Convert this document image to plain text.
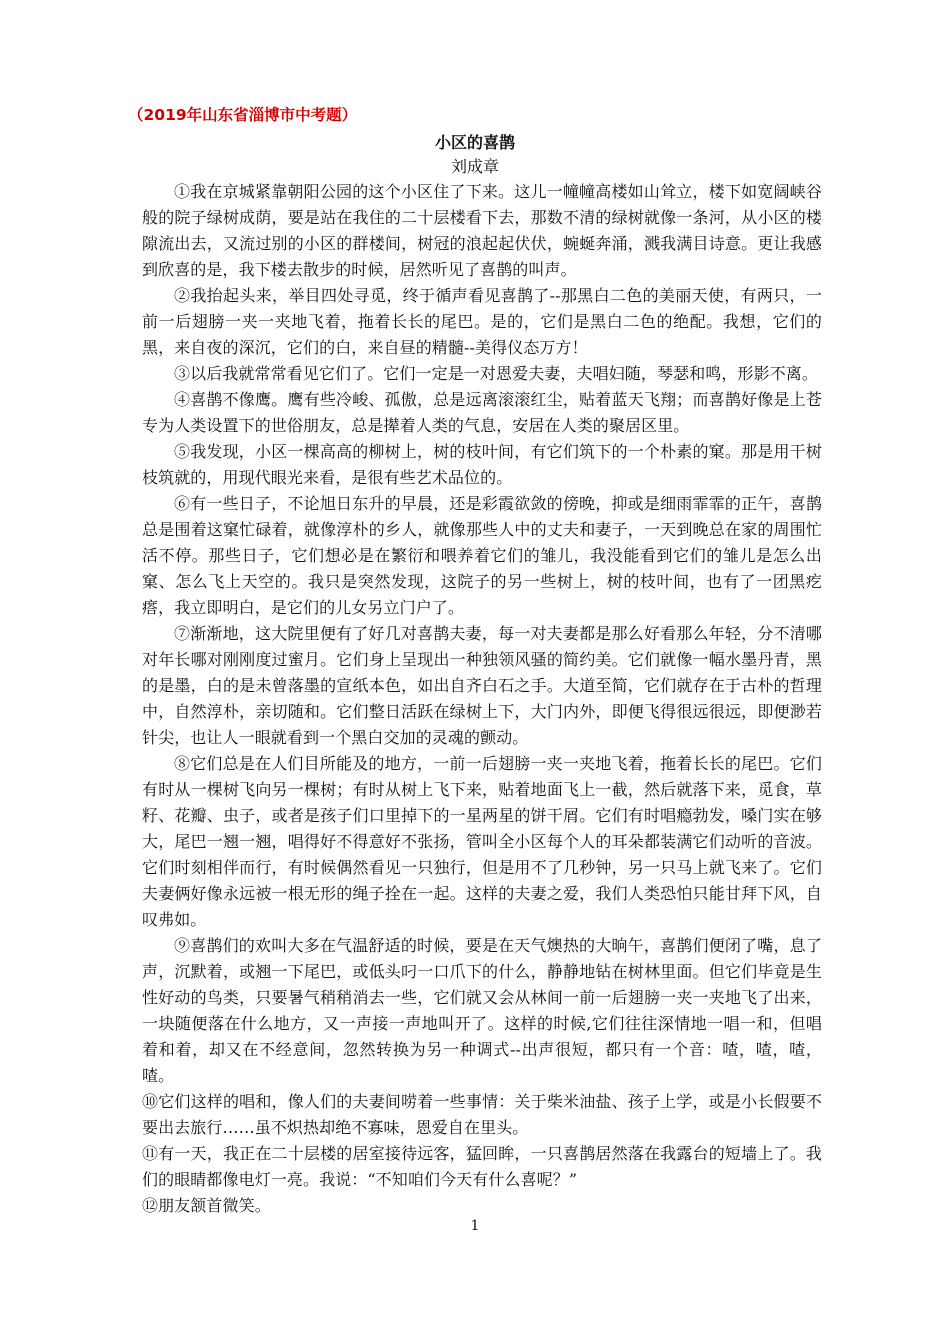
（2019年山东省淄博市中考题）
小区的喜鹊
刘成章

①我在京城紧靠朝阳公园的这个小区住了下来。这儿一幢幢高楼如山耸立，楼下如宽阔峡谷般的院子绿树成荫，要是站在我住的二十层楼看下去，那数不清的绿树就像一条河，从小区的楼隙流出去，又流过别的小区的群楼间，树冠的浪起起伏伏，蜿蜒奔涌，溅我满目诗意。更让我感到欣喜的是，我下楼去散步的时候，居然听见了喜鹊的叫声。

②我抬起头来，举目四处寻觅，终于循声看见喜鹊了--那黑白二色的美丽天使，有两只，一前一后翅膀一夹一夹地飞着，拖着长长的尾巴。是的，它们是黑白二色的绝配。我想，它们的黑，来自夜的深沉，它们的白，来自昼的精髓--美得仪态万方！

③以后我就常常看见它们了。它们一定是一对恩爱夫妻，夫唱妇随，琴瑟和鸣，形影不离。

④喜鹊不像鹰。鹰有些冷峻、孤傲，总是远离滚滚红尘，贴着蓝天飞翔；而喜鹊好像是上苍专为人类设置下的世俗朋友，总是撵着人类的气息，安居在人类的聚居区里。

⑤我发现，小区一棵高高的柳树上，树的枝叶间，有它们筑下的一个朴素的窠。那是用干树枝筑就的，用现代眼光来看，是很有些艺术品位的。

⑥有一些日子，不论旭日东升的早晨，还是彩霞欲敛的傍晚，抑或是细雨霏霏的正午，喜鹊总是围着这窠忙碌着，就像淳朴的乡人，就像那些人中的丈夫和妻子，一天到晚总在家的周围忙活不停。那些日子，它们想必是在繁衍和喂养着它们的雏儿，我没能看到它们的雏儿是怎么出窠、怎么飞上天空的。我只是突然发现，这院子的另一些树上，树的枝叶间，也有了一团黑疙瘩，我立即明白，是它们的儿女另立门户了。

⑦渐渐地，这大院里便有了好几对喜鹊夫妻，每一对夫妻都是那么好看那么年轻，分不清哪对年长哪对刚刚度过蜜月。它们身上呈现出一种独领风骚的简约美。它们就像一幅水墨丹青，黑的是墨，白的是未曾落墨的宣纸本色，如出自齐白石之手。大道至简，它们就存在于古朴的哲理中，自然淳朴，亲切随和。它们整日活跃在绿树上下，大门内外，即便飞得很远很远，即便渺若针尖，也让人一眼就看到一个黑白交加的灵魂的颤动。

⑧它们总是在人们目所能及的地方，一前一后翅膀一夹一夹地飞着，拖着长长的尾巴。它们有时从一棵树飞向另一棵树；有时从树上飞下来，贴着地面飞上一截，然后就落下来，觅食，草籽、花瓣、虫子，或者是孩子们口里掉下的一星两星的饼干屑。它们有时唱瘾勃发，嗓门实在够大，尾巴一翘一翘，唱得好不得意好不张扬，管叫全小区每个人的耳朵都装满它们动听的音波。它们时刻相伴而行，有时候偶然看见一只独行，但是用不了几秒钟，另一只马上就飞来了。它们夫妻俩好像永远被一根无形的绳子拴在一起。这样的夫妻之爱，我们人类恐怕只能甘拜下风，自叹弗如。

⑨喜鹊们的欢叫大多在气温舒适的时候，要是在天气燠热的大晌午，喜鹊们便闭了嘴，息了声，沉默着，或翘一下尾巴，或低头叼一口爪下的什么，静静地钻在树林里面。但它们毕竟是生性好动的鸟类，只要暑气稍稍消去一些，它们就又会从林间一前一后翅膀一夹一夹地飞了出来，一块随便落在什么地方，又一声接一声地叫开了。这样的时候,它们往往深情地一唱一和，但唱着和着，却又在不经意间，忽然转换为另一种调式--出声很短，都只有一个音：喳，喳，喳，喳。

⑩它们这样的唱和，像人们的夫妻间唠着一些事情：关于柴米油盐、孩子上学，或是小长假要不要出去旅行……虽不炽热却绝不寡味，恩爱自在里头。

⑪有一天，我正在二十层楼的居室接待远客，猛回眸，一只喜鹊居然落在我露台的短墙上了。我们的眼睛都像电灯一亮。我说：“不知咱们今天有什么喜呢？”

⑫朋友颔首微笑。

1
